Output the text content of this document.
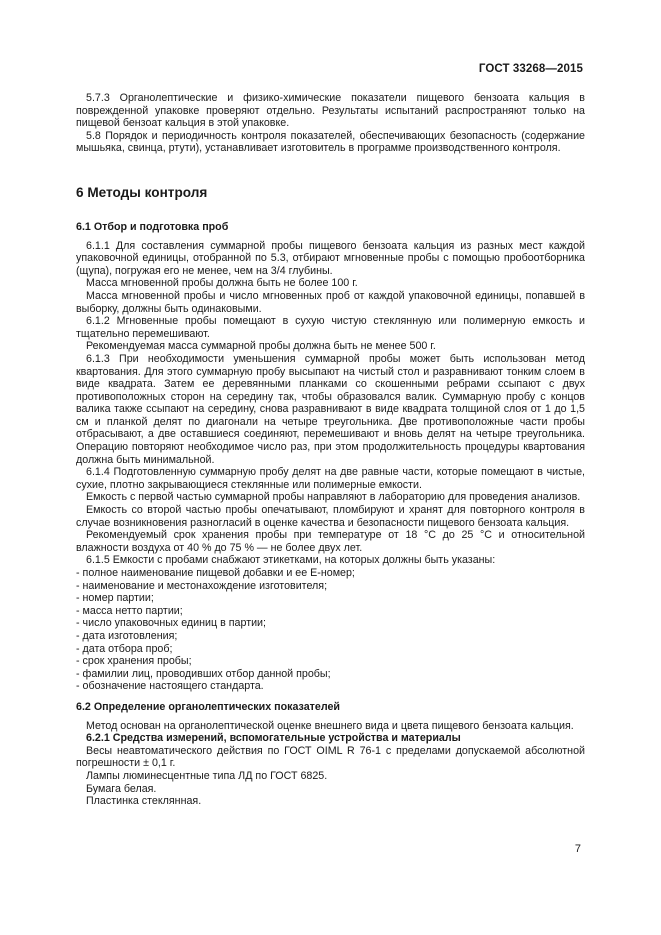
ГОСТ 33268—2015

5.7.3 Органолептические и физико-химические показатели пищевого бензоата кальция в поврежденной упаковке проверяют отдельно. Результаты испытаний распространяют только на пищевой бензоат кальция в этой упаковке.

5.8 Порядок и периодичность контроля показателей, обеспечивающих безопасность (содержание мышьяка, свинца, ртути), устанавливает изготовитель в программе производственного контроля.

6 Методы контроля
6.1 Отбор и подготовка проб

6.1.1 Для составления суммарной пробы пищевого бензоата кальция из разных мест каждой упаковочной единицы, отобранной по 5.3, отбирают мгновенные пробы с помощью пробоотборника (щупа), погружая его не менее, чем на 3/4 глубины.

Масса мгновенной пробы должна быть не более 100 г.

Масса мгновенной пробы и число мгновенных проб от каждой упаковочной единицы, попавшей в выборку, должны быть одинаковыми.

6.1.2 Мгновенные пробы помещают в сухую чистую стеклянную или полимерную емкость и тщательно перемешивают.

Рекомендуемая масса суммарной пробы должна быть не менее 500 г.

6.1.3 При необходимости уменьшения суммарной пробы может быть использован метод квартования. Для этого суммарную пробу высыпают на чистый стол и разравнивают тонким слоем в виде квадрата. Затем ее деревянными планками со скошенными ребрами ссыпают с двух противоположных сторон на середину так, чтобы образовался валик. Суммарную пробу с концов валика также ссыпают на середину, снова разравнивают в виде квадрата толщиной слоя от 1 до 1,5 см и планкой делят по диагонали на четыре треугольника. Две противоположные части пробы отбрасывают, а две оставшиеся соединяют, перемешивают и вновь делят на четыре треугольника. Операцию повторяют необходимое число раз, при этом продолжительность процедуры квартования должна быть минимальной.

6.1.4 Подготовленную суммарную пробу делят на две равные части, которые помещают в чистые, сухие, плотно закрывающиеся стеклянные или полимерные емкости.

Емкость с первой частью суммарной пробы направляют в лабораторию для проведения анализов.

Емкость со второй частью пробы опечатывают, пломбируют и хранят для повторного контроля в случае возникновения разногласий в оценке качества и безопасности пищевого бензоата кальция.

Рекомендуемый срок хранения пробы при температуре от 18 °С до 25 °С и относительной влажности воздуха от 40 % до 75 % — не более двух лет.

6.1.5 Емкости с пробами снабжают этикетками, на которых должны быть указаны:

- полное наименование пищевой добавки и ее Е-номер;
- наименование и местонахождение изготовителя;
- номер партии;
- масса нетто партии;
- число упаковочных единиц в партии;
- дата изготовления;
- дата отбора проб;
- срок хранения пробы;
- фамилии лиц, проводивших отбор данной пробы;
- обозначение настоящего стандарта.
6.2 Определение органолептических показателей

Метод основан на органолептической оценке внешнего вида и цвета пищевого бензоата кальция.

6.2.1 Средства измерений, вспомогательные устройства и материалы

Весы неавтоматического действия по ГОСТ OIML R 76-1 с пределами допускаемой абсолютной погрешности ± 0,1 г.

Лампы люминесцентные типа ЛД по ГОСТ 6825.

Бумага белая.

Пластинка стеклянная.

7
